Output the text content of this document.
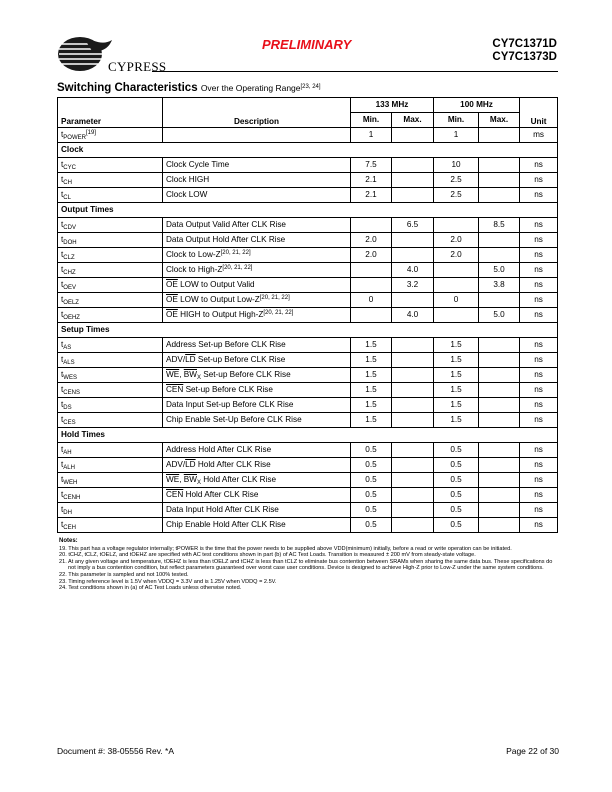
CYPRESS
PRELIMINARY	CY7C1371D
CY7C1373D
Switching Characteristics Over the Operating Range[23, 24]
Parameter	Description	133 MHz		100 MHz		Unit
		Min.	Max.	Min.	Max.	
$t_{POWER}[19]$		1		1		ms
Clock						
$t_{CYC}$	Clock Cycle Time	7.5		10		ns
$t_{CH}$	Clock HIGH	2.1		2.5		ns
$t_{CL}$	Clock LOW	2.1		2.5		ns
Output Times						
$t_{CDV}$	Data Output Valid After CLK Rise		6.5		8.5	ns
$t_{DOH}$	Data Output Hold After CLK Rise	2.0		2.0		ns
$t_{CLZ}$	Clock to Low-Z[20, 21, 22]	2.0		2.0		ns
$t_{CHZ}$	Clock to High-Z[20, 21, 22]		4.0		5.0	ns
$t_{OEV}$	$\overline{OE}$ LOW to Output Valid		3.2		3.8	ns
$t_{OELZ}$	$\overline{OE}$ LOW to Output Low-Z[20, 21, 22]	0		0		ns
$t_{OEHZ}$	$\overline{OE}$ HIGH to Output High-Z[20, 21, 22]		4.0		5.0	ns
Setup Times						
$t_{AS}$	Address Set-up Before CLK Rise	1.5		1.5		ns
$t_{ALS}$	ADV/$\overline{LD}$ Set-up Before CLK Rise	1.5		1.5		ns
$t_{WES}$	$\overline{WE}$, $\overline{BW}_X$ Set-up Before CLK Rise	1.5		1.5		ns
$t_{CENS}$	$\overline{CEN}$ Set-up Before CLK Rise	1.5		1.5		ns
$t_{DS}$	Data Input Set-up Before CLK Rise	1.5		1.5		ns
$t_{CES}$	Chip Enable Set-Up Before CLK Rise	1.5		1.5		ns
Hold Times						
$t_{AH}$	Address Hold After CLK Rise	0.5		0.5		ns
$t_{ALH}$	ADV/$\overline{LD}$ Hold After CLK Rise	0.5		0.5		ns
$t_{WEH}$	$\overline{WE}$, $\overline{BW}_X$ Hold After CLK Rise	0.5		0.5		ns
$t_{CENH}$	$\overline{CEN}$ Hold After CLK Rise	0.5		0.5		ns
$t_{DH}$	Data Input Hold After CLK Rise	0.5		0.5		ns
$t_{CEH}$	Chip Enable Hold After CLK Rise	0.5		0.5		ns
Notes:
19. This part has a voltage regulator internally; tPOWER is the time that the power needs to be supplied above VDD(minimum) initially, before a read or write operation can be initiated.
20. tCHZ, tCLZ, tOELZ, and tOEHZ are specified with AC test conditions shown in part (b) of AC Test Loads. Transition is measured ± 200 mV from steady-state voltage.
21. At any given voltage and temperature, tOEHZ is less than tOELZ and tCHZ is less than tCLZ to eliminate bus contention between SRAMs when sharing the same data bus. These specifications do not imply a bus contention condition, but reflect parameters guaranteed over worst case user conditions. Device is designed to achieve High-Z prior to Low-Z under the same system conditions.
22. This parameter is sampled and not 100% tested.
23. Timing reference level is 1.5V when VDDQ = 3.3V and is 1.25V when VDDQ = 2.5V.
24. Test conditions shown in (a) of AC Test Loads unless otherwise noted.
Document #: 38-05556 Rev. *A	Page 22 of 30
